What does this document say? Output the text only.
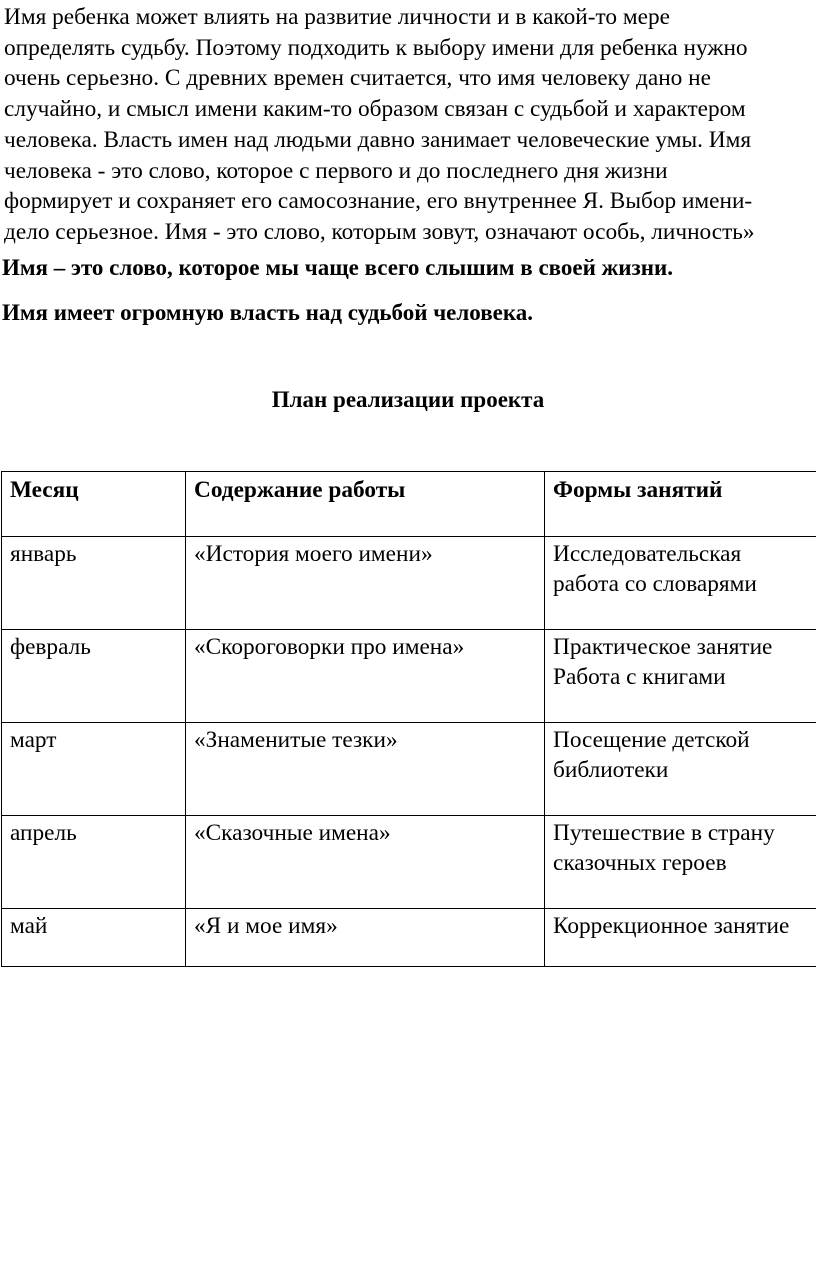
Имя ребенка может влиять на развитие личности и в какой-то мере
определять судьбу. Поэтому подходить к выбору имени для ребенка нужно
очень серьезно. С древних времен считается, что имя человеку дано не
случайно, и смысл имени каким-то образом связан с судьбой и характером
человека. Власть имен над людьми давно занимает человеческие умы. Имя
человека - это слово, которое с первого и до последнего дня жизни
формирует и сохраняет его самосознание, его внутреннее Я. Выбор имени-
дело серьезное. Имя - это слово, которым зовут, означают особь, личность»

Имя – это слово, которое мы чаще всего слышим в своей жизни.

Имя имеет огромную власть над судьбой человека.

План реализации проекта
Месяц	Содержание работы	Формы занятий
январь	«История моего имени»	Исследовательская
работа со словарями

февраль	«Скороговорки про имена»	Практическое занятие
Работа с книгами

март	«Знаменитые тезки»	Посещение детской
библиотеки

апрель	«Сказочные имена»	Путешествие в страну
сказочных героев

май	«Я и мое имя»	Коррекционное занятие
